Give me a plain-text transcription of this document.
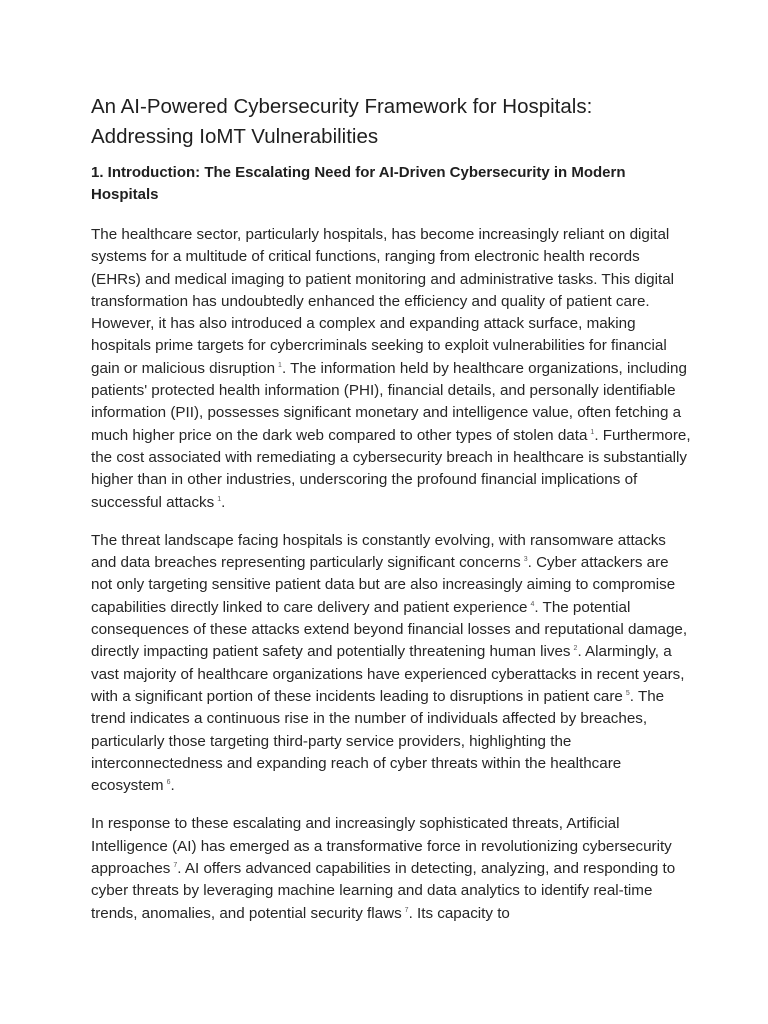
An AI-Powered Cybersecurity Framework for Hospitals: Addressing IoMT Vulnerabilities
1. Introduction: The Escalating Need for AI-Driven Cybersecurity in Modern Hospitals

The healthcare sector, particularly hospitals, has become increasingly reliant on digital systems for a multitude of critical functions, ranging from electronic health records (EHRs) and medical imaging to patient monitoring and administrative tasks. This digital transformation has undoubtedly enhanced the efficiency and quality of patient care. However, it has also introduced a complex and expanding attack surface, making hospitals prime targets for cybercriminals seeking to exploit vulnerabilities for financial gain or malicious disruption $^1$. The information held by healthcare organizations, including patients' protected health information (PHI), financial details, and personally identifiable information (PII), possesses significant monetary and intelligence value, often fetching a much higher price on the dark web compared to other types of stolen data $^1$. Furthermore, the cost associated with remediating a cybersecurity breach in healthcare is substantially higher than in other industries, underscoring the profound financial implications of successful attacks $^1$.

The threat landscape facing hospitals is constantly evolving, with ransomware attacks and data breaches representing particularly significant concerns $^3$. Cyber attackers are not only targeting sensitive patient data but are also increasingly aiming to compromise capabilities directly linked to care delivery and patient experience $^4$. The potential consequences of these attacks extend beyond financial losses and reputational damage, directly impacting patient safety and potentially threatening human lives $^2$. Alarmingly, a vast majority of healthcare organizations have experienced cyberattacks in recent years, with a significant portion of these incidents leading to disruptions in patient care $^5$. The trend indicates a continuous rise in the number of individuals affected by breaches, particularly those targeting third-party service providers, highlighting the interconnectedness and expanding reach of cyber threats within the healthcare ecosystem $^6$.

In response to these escalating and increasingly sophisticated threats, Artificial Intelligence (AI) has emerged as a transformative force in revolutionizing cybersecurity approaches $^7$. AI offers advanced capabilities in detecting, analyzing, and responding to cyber threats by leveraging machine learning and data analytics to identify real-time trends, anomalies, and potential security flaws $^7$. Its capacity to
